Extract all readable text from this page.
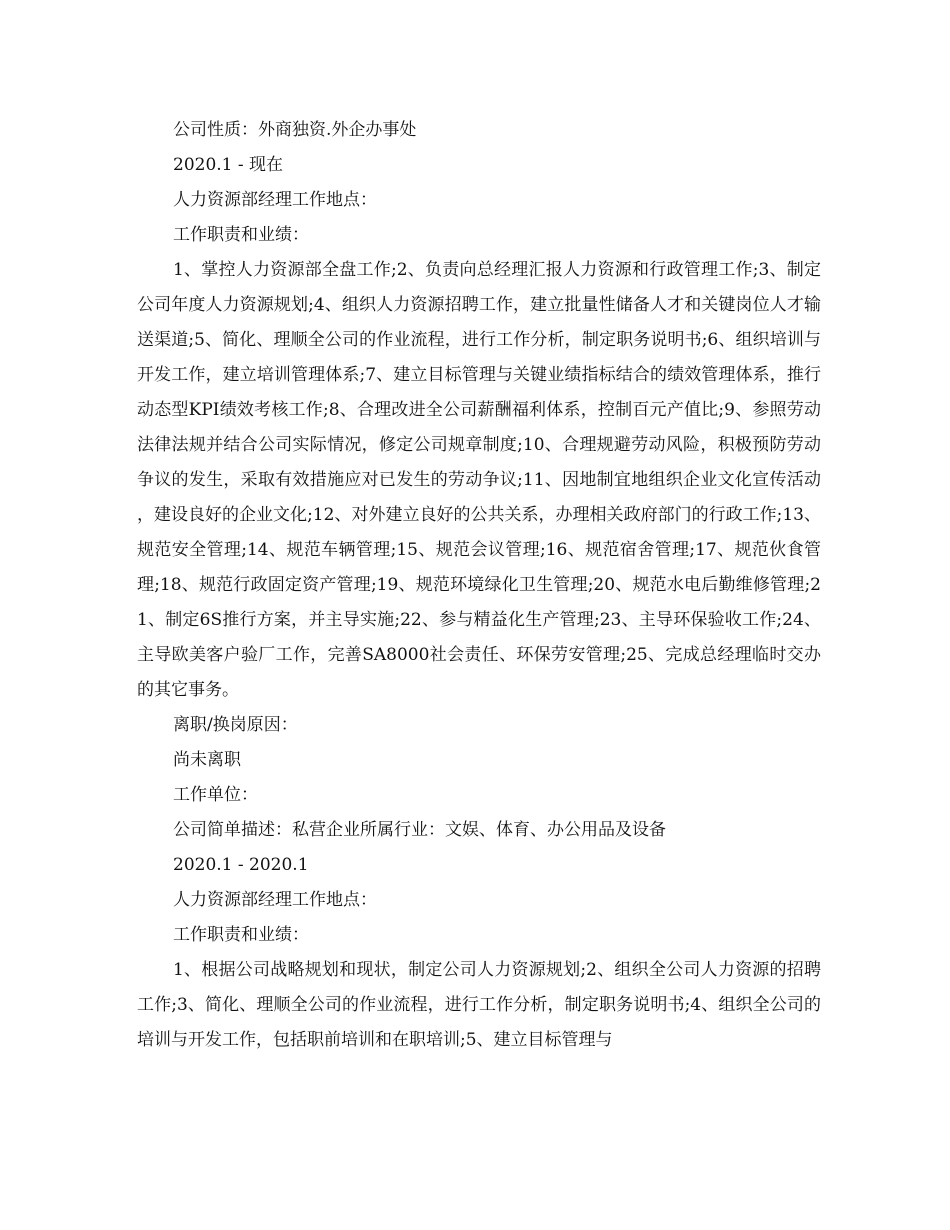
公司性质：外商独资.外企办事处
2020.1 - 现在
人力资源部经理工作地点：
工作职责和业绩：

1、掌控人力资源部全盘工作;2、负责向总经理汇报人力资源和行政管理工作;3、制定公司年度人力资源规划;4、组织人力资源招聘工作，建立批量性储备人才和关键岗位人才输送渠道;5、简化、理顺全公司的作业流程，进行工作分析，制定职务说明书;6、组织培训与开发工作，建立培训管理体系;7、建立目标管理与关键业绩指标结合的绩效管理体系，推行动态型KPI绩效考核工作;8、合理改进全公司薪酬福利体系，控制百元产值比;9、参照劳动法律法规并结合公司实际情况，修定公司规章制度;10、合理规避劳动风险，积极预防劳动争议的发生，采取有效措施应对已发生的劳动争议;11、因地制宜地组织企业文化宣传活动，建设良好的企业文化;12、对外建立良好的公共关系，办理相关政府部门的行政工作;13、规范安全管理;14、规范车辆管理;15、规范会议管理;16、规范宿舍管理;17、规范伙食管理;18、规范行政固定资产管理;19、规范环境绿化卫生管理;20、规范水电后勤维修管理;21、制定6S推行方案，并主导实施;22、参与精益化生产管理;23、主导环保验收工作;24、主导欧美客户验厂工作，完善SA8000社会责任、环保劳安管理;25、完成总经理临时交办的其它事务。

离职/换岗原因：
尚未离职
工作单位：
公司简单描述：私营企业所属行业：文娱、体育、办公用品及设备
2020.1 - 2020.1
人力资源部经理工作地点：
工作职责和业绩：

1、根据公司战略规划和现状，制定公司人力资源规划;2、组织全公司人力资源的招聘工作;3、简化、理顺全公司的作业流程，进行工作分析，制定职务说明书;4、组织全公司的培训与开发工作，包括职前培训和在职培训;5、建立目标管理与
